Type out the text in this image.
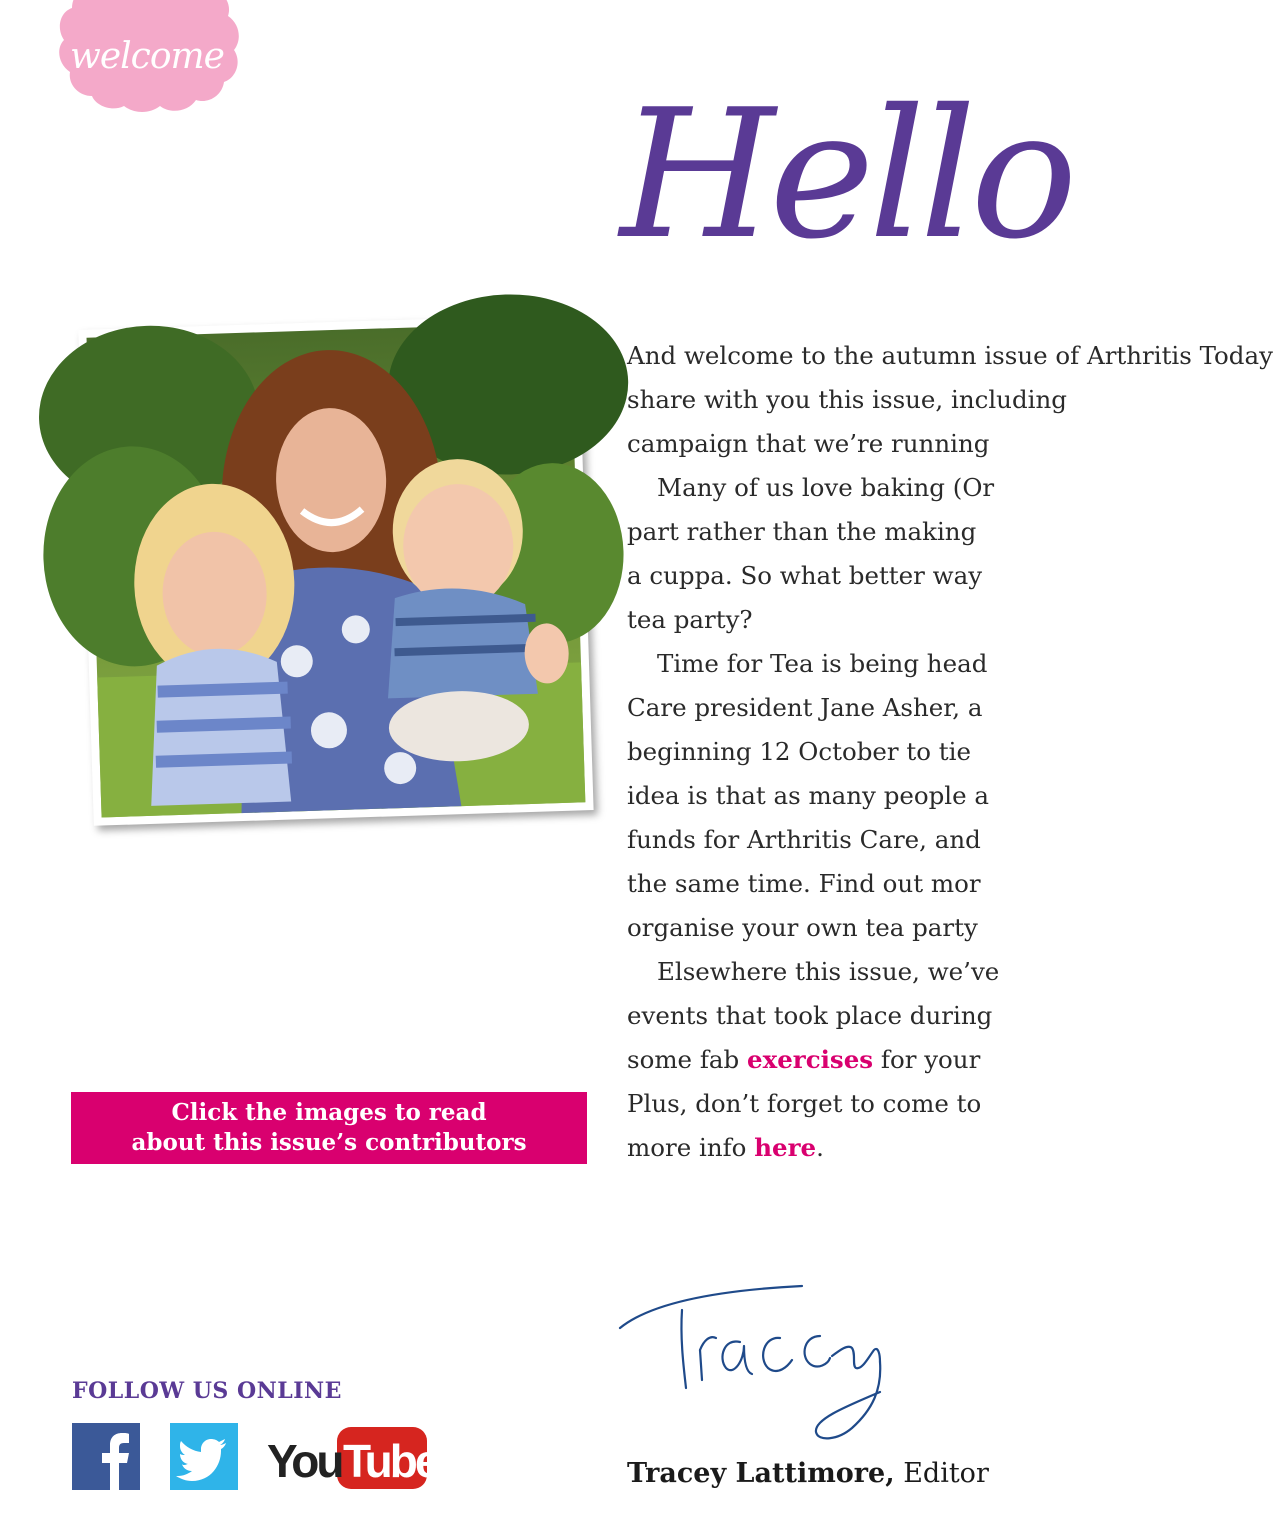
welcome
Hello
Click the images to read
about this issue’s contributors
And welcome to the autumn issue of Arthritis Today
share with you this issue, including
campaign that we’re running
Many of us love baking (Or
part rather than the making
a cuppa. So what better way
tea party?
Time for Tea is being head
Care president Jane Asher, a
beginning 12 October to tie
idea is that as many people a
funds for Arthritis Care, and
the same time. Find out mor
organise your own tea party
Elsewhere this issue, we’ve
events that took place during
some fab exercises for your
Plus, don’t forget to come to
more info here.
Tracey Lattimore, Editor
FOLLOW US ONLINE
You Tube
